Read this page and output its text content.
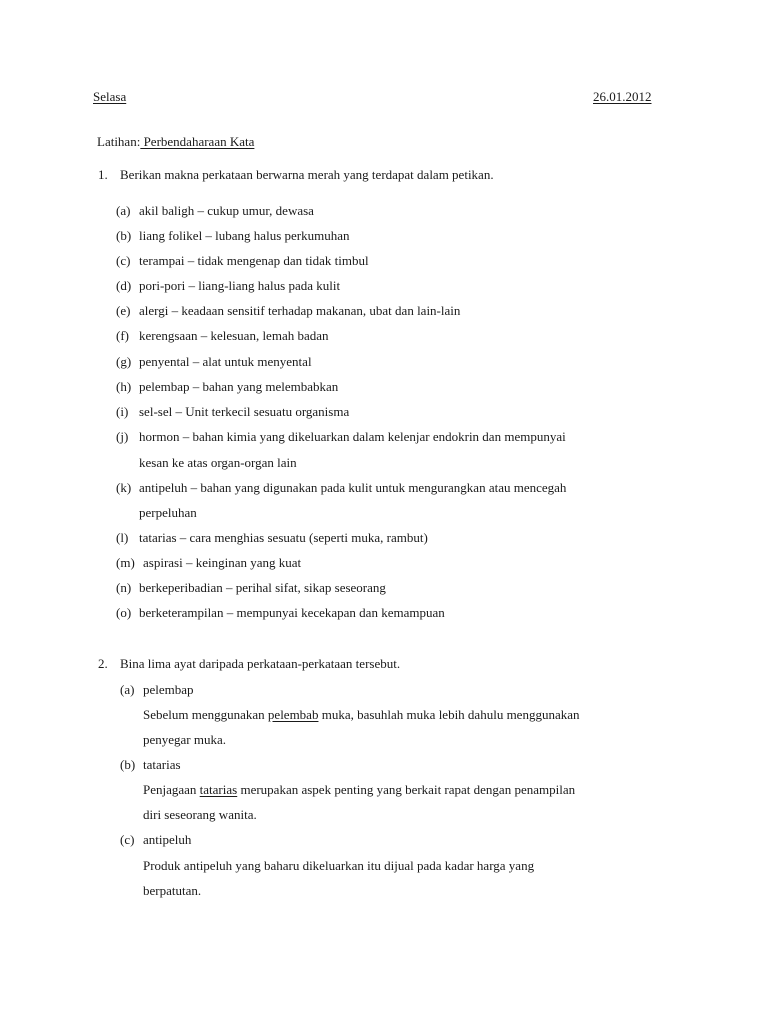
Selasa	26.01.2012
Latihan: Perbendaharaan Kata
1. Berikan makna perkataan berwarna merah yang terdapat dalam petikan.
(a) akil baligh – cukup umur, dewasa
(b) liang folikel – lubang halus perkumuhan
(c) terampai – tidak mengenap dan tidak timbul
(d) pori-pori – liang-liang halus pada kulit
(e) alergi – keadaan sensitif terhadap makanan, ubat dan lain-lain
(f) kerengsaan – kelesuan, lemah badan
(g) penyental – alat untuk menyental
(h) pelembap – bahan yang melembabkan
(i) sel-sel – Unit terkecil sesuatu organisma
(j) hormon – bahan kimia yang dikeluarkan dalam kelenjar endokrin dan mempunyai
kesan ke atas organ-organ lain
(k) antipeluh – bahan yang digunakan pada kulit untuk mengurangkan atau mencegah
perpeluhan
(l) tatarias – cara menghias sesuatu (seperti muka, rambut)
(m) aspirasi – keinginan yang kuat
(n) berkeperibadian – perihal sifat, sikap seseorang
(o) berketerampilan – mempunyai kecekapan dan kemampuan
2. Bina lima ayat daripada perkataan-perkataan tersebut.
(a) pelembap
Sebelum menggunakan pelembab muka, basuhlah muka lebih dahulu menggunakan
penyegar muka.
(b) tatarias
Penjagaan tatarias merupakan aspek penting yang berkait rapat dengan penampilan
diri seseorang wanita.
(c) antipeluh
Produk antipeluh yang baharu dikeluarkan itu dijual pada kadar harga yang
berpatutan.
